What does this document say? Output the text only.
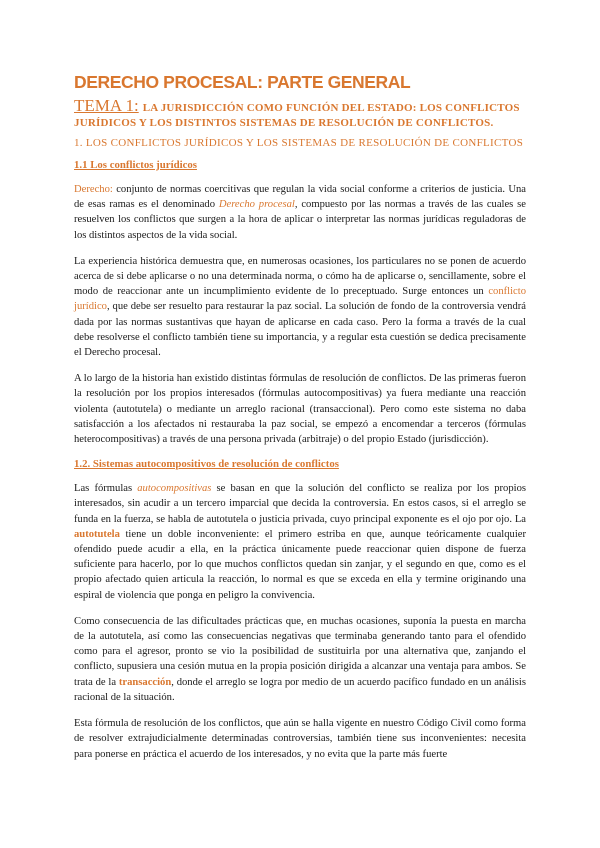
DERECHO PROCESAL: PARTE GENERAL

TEMA 1: LA JURISDICCIÓN COMO FUNCIÓN DEL ESTADO: LOS CONFLICTOS JURÍDICOS Y LOS DISTINTOS SISTEMAS DE RESOLUCIÓN DE CONFLICTOS.

1. LOS CONFLICTOS JURÍDICOS Y LOS SISTEMAS DE RESOLUCIÓN DE CONFLICTOS

1.1 Los conflictos jurídicos

Derecho: conjunto de normas coercitivas que regulan la vida social conforme a criterios de justicia. Una de esas ramas es el denominado Derecho procesal, compuesto por las normas a través de las cuales se resuelven los conflictos que surgen a la hora de aplicar o interpretar las normas jurídicas reguladoras de los distintos aspectos de la vida social.

La experiencia histórica demuestra que, en numerosas ocasiones, los particulares no se ponen de acuerdo acerca de si debe aplicarse o no una determinada norma, o cómo ha de aplicarse o, sencillamente, sobre el modo de reaccionar ante un incumplimiento evidente de lo preceptuado. Surge entonces un conflicto jurídico, que debe ser resuelto para restaurar la paz social. La solución de fondo de la controversia vendrá dada por las normas sustantivas que hayan de aplicarse en cada caso. Pero la forma a través de la cual debe resolverse el conflicto también tiene su importancia, y a regular esta cuestión se dedica precisamente el Derecho procesal.

A lo largo de la historia han existido distintas fórmulas de resolución de conflictos. De las primeras fueron la resolución por los propios interesados (fórmulas autocompositivas) ya fuera mediante una reacción violenta (autotutela) o mediante un arreglo racional (transaccional). Pero como este sistema no daba satisfacción a los afectados ni restauraba la paz social, se empezó a encomendar a terceros (fórmulas heterocompositivas) a través de una persona privada (arbitraje) o del propio Estado (jurisdicción).

1.2. Sistemas autocompositivos de resolución de conflictos

Las fórmulas autocompositivas se basan en que la solución del conflicto se realiza por los propios interesados, sin acudir a un tercero imparcial que decida la controversia. En estos casos, si el arreglo se funda en la fuerza, se habla de autotutela o justicia privada, cuyo principal exponente es el ojo por ojo. La autotutela tiene un doble inconveniente: el primero estriba en que, aunque teóricamente cualquier ofendido puede acudir a ella, en la práctica únicamente puede reaccionar quien dispone de fuerza suficiente para hacerlo, por lo que muchos conflictos quedan sin zanjar, y el segundo en que, como es el propio afectado quien articula la reacción, lo normal es que se exceda en ella y termine originando una espiral de violencia que ponga en peligro la convivencia.

Como consecuencia de las dificultades prácticas que, en muchas ocasiones, suponía la puesta en marcha de la autotutela, así como las consecuencias negativas que terminaba generando tanto para el ofendido como para el agresor, pronto se vio la posibilidad de sustituirla por una alternativa que, zanjando el conflicto, supusiera una cesión mutua en la propia posición dirigida a alcanzar una ventaja para ambos. Se trata de la transacción, donde el arreglo se logra por medio de un acuerdo pacífico fundado en un análisis racional de la situación.

Esta fórmula de resolución de los conflictos, que aún se halla vigente en nuestro Código Civil como forma de resolver extrajudicialmente determinadas controversias, también tiene sus inconvenientes: necesita para ponerse en práctica el acuerdo de los interesados, y no evita que la parte más fuerte
